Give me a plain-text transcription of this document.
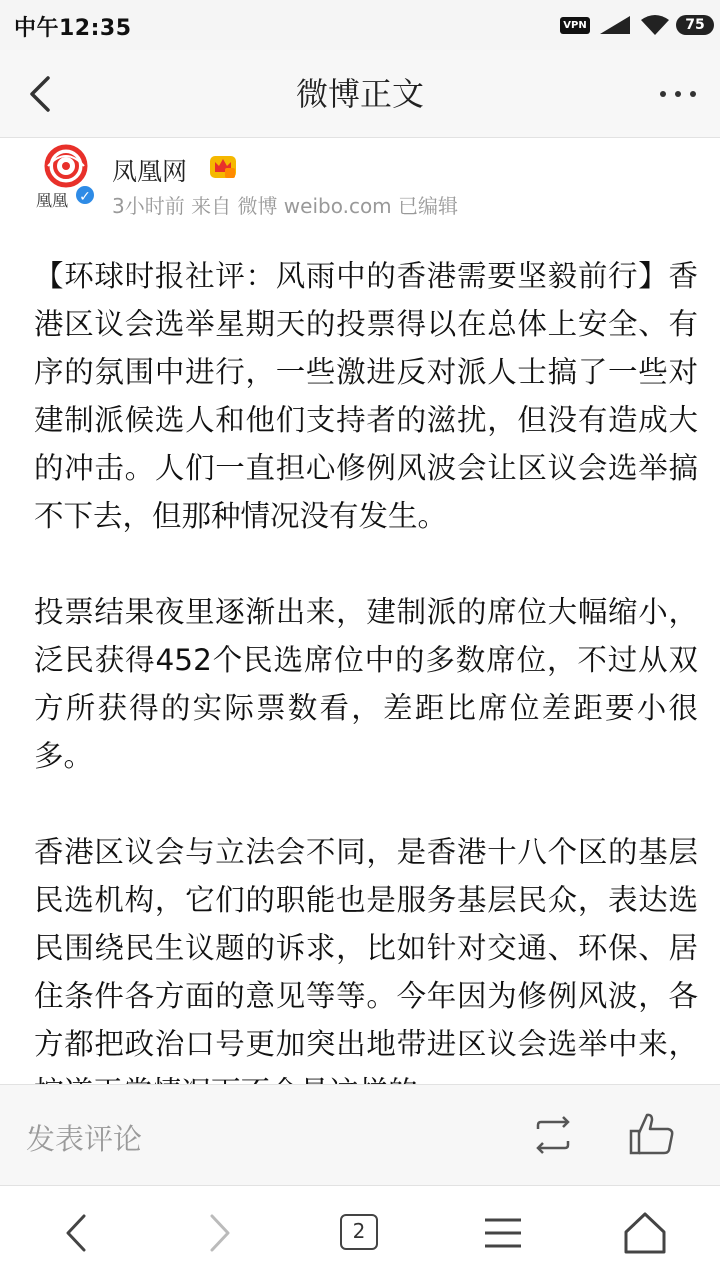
中午12:35	VPN	75
微博正文
凰凰 ✓
凤凰网
3小时前 来自 微博 weibo.com 已编辑

【环球时报社评：风雨中的香港需要坚毅前行】香港区议会选举星期天的投票得以在总体上安全、有序的氛围中进行，一些激进反对派人士搞了一些对建制派候选人和他们支持者的滋扰，但没有造成大的冲击。人们一直担心修例风波会让区议会选举搞不下去，但那种情况没有发生。

投票结果夜里逐渐出来，建制派的席位大幅缩小，泛民获得452个民选席位中的多数席位，不过从双方所获得的实际票数看，差距比席位差距要小很多。

香港区议会与立法会不同，是香港十八个区的基层民选机构，它们的职能也是服务基层民众，表达选民围绕民生议题的诉求，比如针对交通、环保、居住条件各方面的意见等等。今年因为修例风波，各方都把政治口号更加突出地带进区议会选举中来，

发表评论
2
